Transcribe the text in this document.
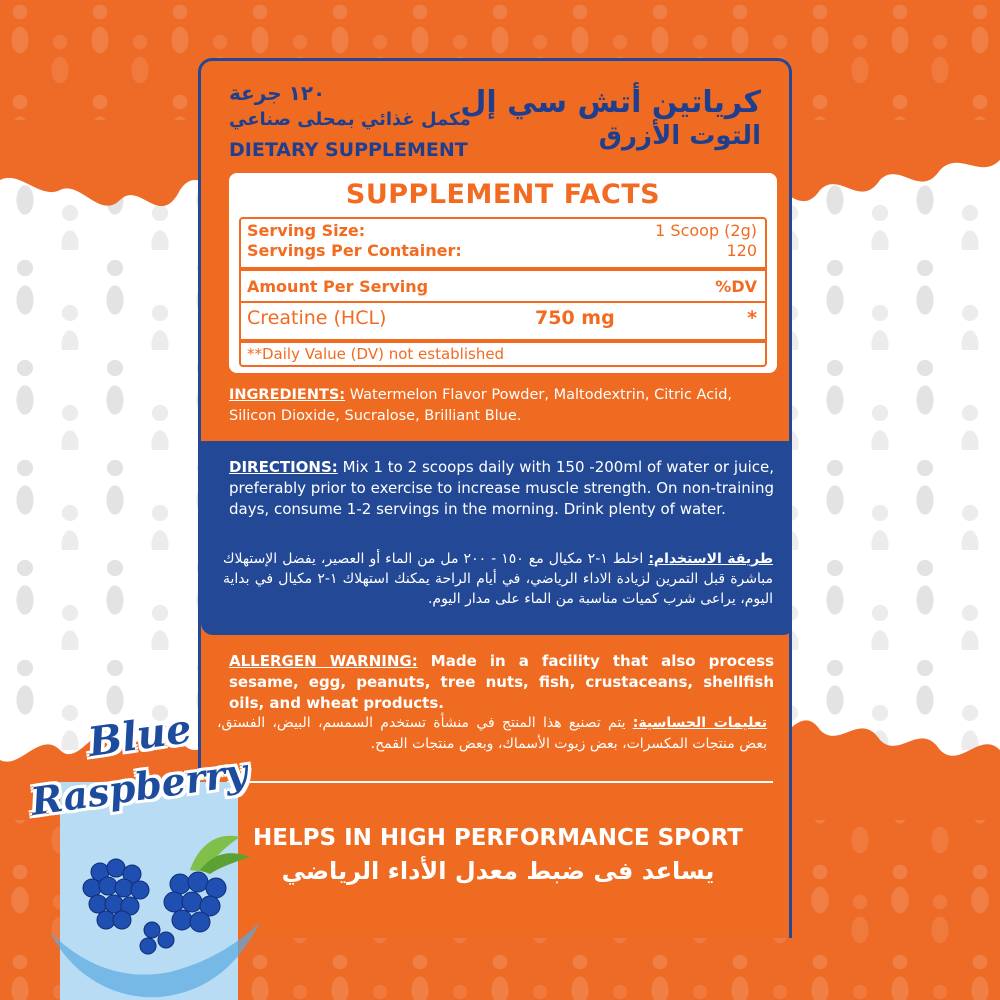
١٢٠ جرعة
مكمل غذائي بمحلى صناعي
DIETARY SUPPLEMENT
كرياتين أتش سي إل
التوت الأزرق
SUPPLEMENT FACTS
Serving Size:	1 Scoop (2g)
Servings Per Container:	120
Amount Per Serving	%DV
Creatine (HCL)	750 mg	*
**Daily Value (DV) not established
INGREDIENTS: Watermelon Flavor Powder, Maltodextrin, Citric Acid, Silicon Dioxide, Sucralose, Brilliant Blue.
DIRECTIONS: Mix 1 to 2 scoops daily with 150 -200ml of water or juice, preferably prior to exercise to increase muscle strength. On non-training days, consume 1-2 servings in the morning. Drink plenty of water.
طريقة الاستخدام: اخلط ١-٢ مكيال مع ١٥٠ - ٢٠٠ مل من الماء أو العصير، يفضل الإستهلاك مباشرة قبل التمرين لزيادة الاداء الرياضي، في أيام الراحة يمكنك استهلاك ١-٢ مكيال في بداية اليوم، يراعى شرب كميات مناسبة من الماء على مدار اليوم.
ALLERGEN WARNING: Made in a facility that also process sesame, egg, peanuts, tree nuts, fish, crustaceans, shellfish oils, and wheat products.
تعليمات الحساسية: يتم تصنيع هذا المنتج في منشأة تستخدم السمسم، البيض، الفستق، بعض منتجات المكسرات، بعض زيوت الأسماك، وبعض منتجات القمح.
HELPS IN HIGH PERFORMANCE SPORT
يساعد فى ضبط معدل الأداء الرياضي
Blue
Raspberry
